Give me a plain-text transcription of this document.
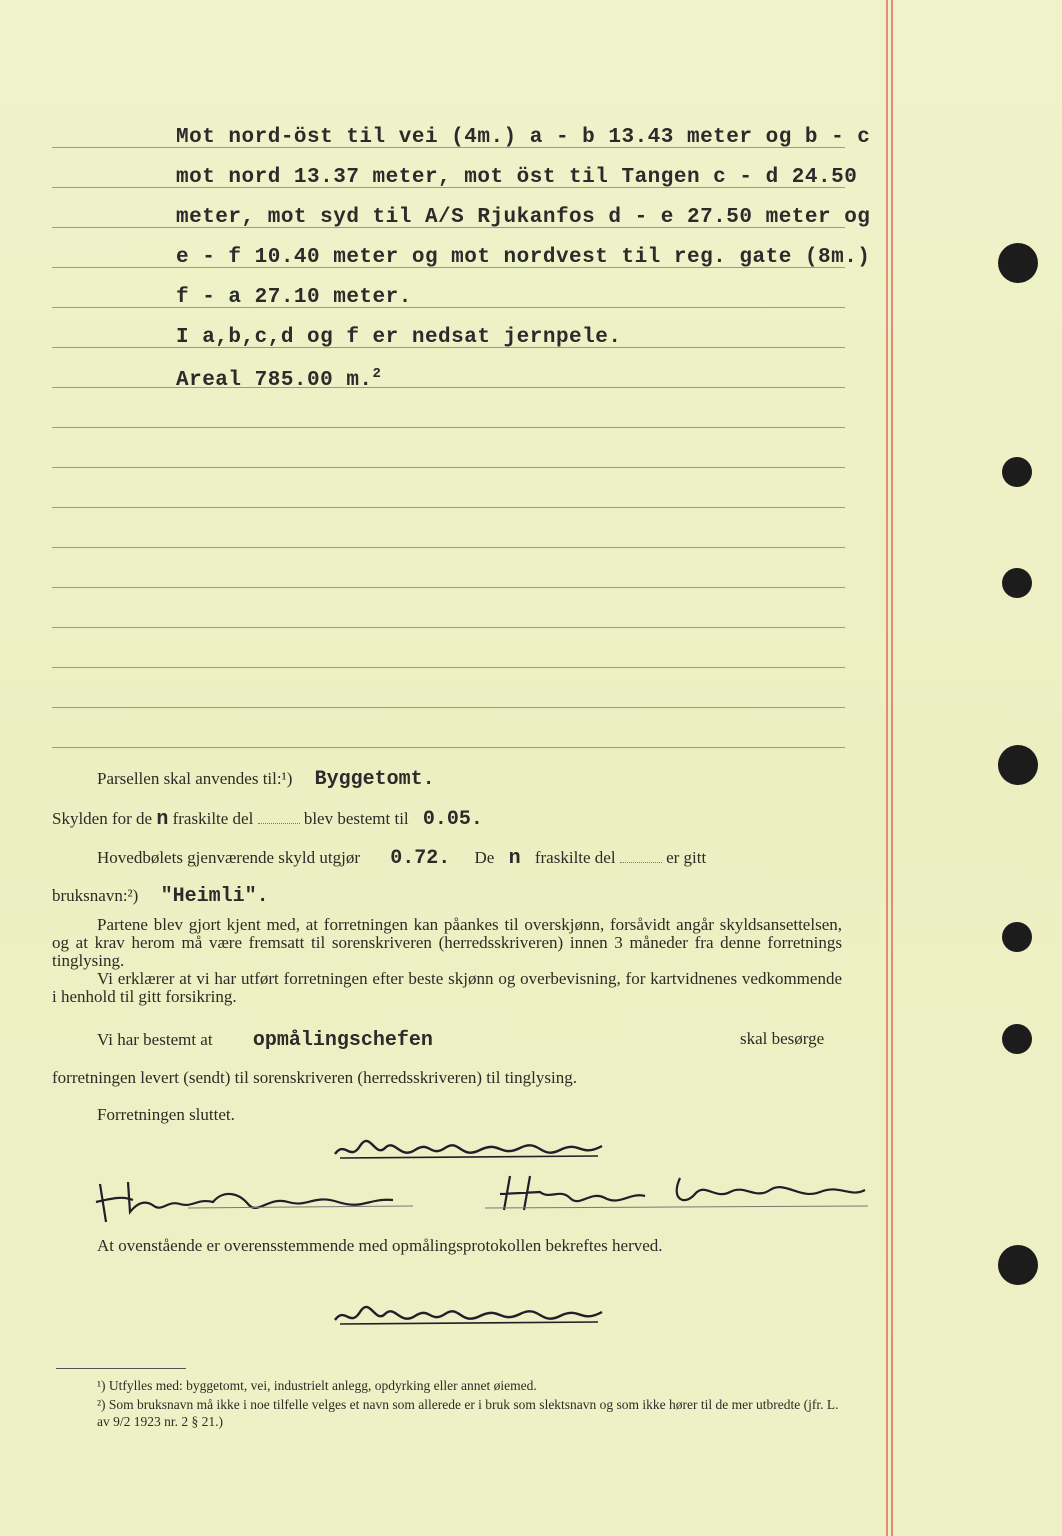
Mot nord-öst til vei (4m.) a - b 13.43 meter og b - c
mot nord 13.37 meter, mot öst til Tangen c - d 24.50
meter, mot syd til A/S Rjukanfos d - e 27.50 meter og
e - f 10.40 meter og mot nordvest til reg. gate (8m.)
f - a 27.10 meter.
I a,b,c,d og f er nedsat jernpele.
Areal 785.00 m.$^2$
Parsellen skal anvendes til:¹) Byggetomt.
Skylden for de n fraskilte del	blev bestemt til 0.05.
Hovedbølets gjenværende skyld utgjør 0.72. De n fraskilte del	er gitt
bruksnavn:²) "Heimli".
Partene blev gjort kjent med, at forretningen kan påankes til overskjønn, forsåvidt angår skyldsansettelsen, og at krav herom må være fremsatt til sorenskriveren (herredsskriveren) innen 3 måneder fra denne forretnings tinglysing.
Vi erklærer at vi har utført forretningen efter beste skjønn og overbevisning, for kartvidnenes vedkommende i henhold til gitt forsikring.
Vi har bestemt at opmålingschefen	skal besørge
forretningen levert (sendt) til sorenskriveren (herredsskriveren) til tinglysing.
Forretningen sluttet.
At ovenstående er overensstemmende med opmålingsprotokollen bekreftes herved.
¹) Utfylles med: byggetomt, vei, industrielt anlegg, opdyrking eller annet øiemed.
²) Som bruksnavn må ikke i noe tilfelle velges et navn som allerede er i bruk som slektsnavn og som ikke hører til de mer utbredte (jfr. L. av 9/2 1923 nr. 2 § 21.)
